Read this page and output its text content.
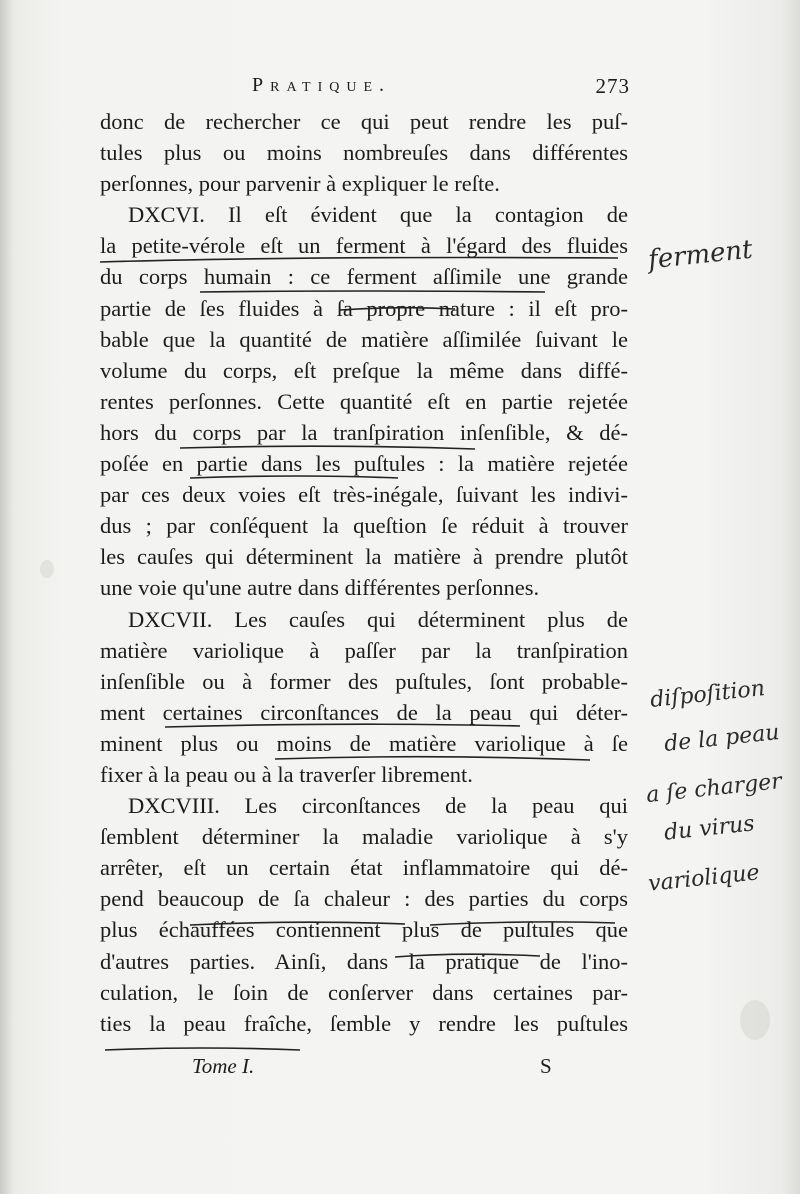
Pratique.	273
donc de rechercher ce qui peut rendre les puſ-
tules plus ou moins nombreuſes dans différentes
perſonnes, pour parvenir à expliquer le reſte.
DXCVI. Il eſt évident que la contagion de
la petite-vérole eſt un ferment à l'égard des fluides
du corps humain : ce ferment aſſimile une grande
partie de ſes fluides à ſa propre nature : il eſt pro-
bable que la quantité de matière aſſimilée ſuivant le
volume du corps, eſt preſque la même dans diffé-
rentes perſonnes. Cette quantité eſt en partie rejetée
hors du corps par la tranſpiration inſenſible, & dé-
poſée en partie dans les puſtules : la matière rejetée
par ces deux voies eſt très-inégale, ſuivant les indivi-
dus ; par conſéquent la queſtion ſe réduit à trouver
les cauſes qui déterminent la matière à prendre plutôt
une voie qu'une autre dans différentes perſonnes.
DXCVII. Les cauſes qui déterminent plus de
matière variolique à paſſer par la tranſpiration
inſenſible ou à former des puſtules, ſont probable-
ment certaines circonſtances de la peau qui déter-
minent plus ou moins de matière variolique à ſe
fixer à la peau ou à la traverſer librement.
DXCVIII. Les circonſtances de la peau qui
ſemblent déterminer la maladie variolique à s'y
arrêter, eſt un certain état inflammatoire qui dé-
pend beaucoup de ſa chaleur : des parties du corps
plus échauffées contiennent plus de puſtules que
d'autres parties. Ainſi, dans la pratique de l'ino-
culation, le ſoin de conſerver dans certaines par-
ties la peau fraîche, ſemble y rendre les puſtules
ferment
diſpoſition
de la peau
a ſe charger
du virus
variolique
Tome I.	S
